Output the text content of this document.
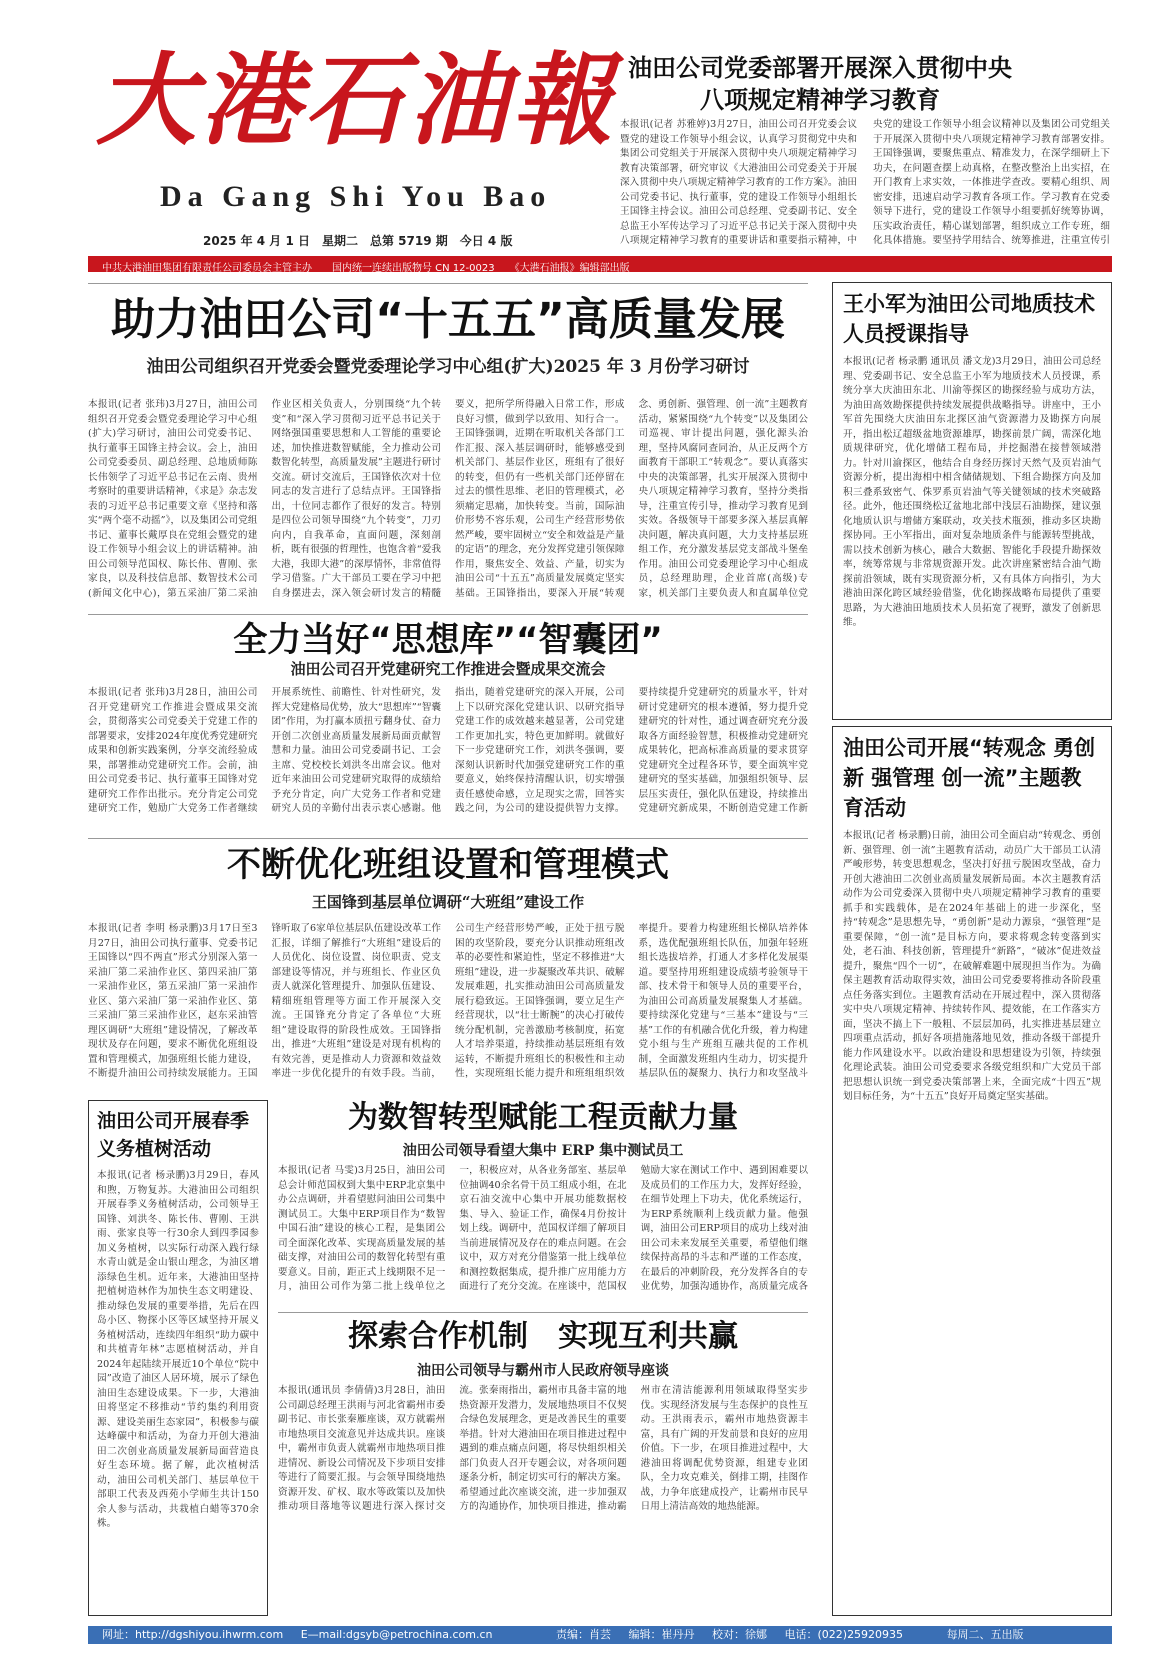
大港石油報
Da Gang Shi You Bao
2025 年 4 月 1 日　星期二　总第 5719 期　今日 4 版
中共大港油田集团有限责任公司委员会主管主办　　国内统一连续出版物号 CN 12-0023　　《大港石油报》编辑部出版
油田公司党委部署开展深入贯彻中央八项规定精神学习教育
本报讯(记者 苏雅婷)3月27日，油田公司召开党委会议暨党的建设工作领导小组会议，认真学习贯彻党中央和集团公司党组关于开展深入贯彻中央八项规定精神学习教育决策部署，研究审议《大港油田公司党委关于开展深入贯彻中央八项规定精神学习教育的工作方案》。油田公司党委书记、执行董事，党的建设工作领导小组组长王国锋主持会议。油田公司总经理、党委副书记、安全总监王小军传达学习了习近平总书记关于深入贯彻中央八项规定精神学习教育的重要讲话和重要指示精神，中央党的建设工作领导小组会议精神以及集团公司党组关于开展深入贯彻中央八项规定精神学习教育部署安排。王国锋强调，要聚焦重点、精准发力，在深学细研上下功夫，在问题查摆上动真格，在整改整治上出实招，在开门教育上求实效，一体推进学查改。要精心组织、周密安排，迅速启动学习教育各项工作。学习教育在党委领导下进行，党的建设工作领导小组要抓好统筹协调，压实政治责任，精心谋划部署，组织成立工作专班，细化具体措施。要坚持学用结合、统筹推进，注重宣传引
助力油田公司“十五五”高质量发展
油田公司组织召开党委会暨党委理论学习中心组(扩大)2025 年 3 月份学习研讨
本报讯(记者 张玮)3月27日，油田公司组织召开党委会暨党委理论学习中心组(扩大)学习研讨，油田公司党委书记、执行董事王国锋主持会议。会上，油田公司党委委员、副总经理、总地质师陈长伟领学了习近平总书记在云南、贵州考察时的重要讲话精神，《求是》杂志发表的习近平总书记重要文章《坚持和落实“两个毫不动摇”》，以及集团公司党组书记、董事长戴厚良在党组会暨党的建设工作领导小组会议上的讲话精神。油田公司领导范国权、陈长伟、曹刚、张家良，以及科技信息部、数智技术公司(新闻文化中心)，第五采油厂第二采油作业区相关负责人，分别围绕“九个转变”和“深入学习贯彻习近平总书记关于网络强国重要思想和人工智能的重要论述，加快推进数智赋能，全力推动公司数智化转型，高质量发展”主题进行研讨交流。研讨交流后，王国锋依次对十位同志的发言进行了总结点评。王国锋指出，十位同志都作了很好的发言。特别是四位公司领导围绕“九个转变”，刀刃向内，自我革命，直面问题，深刻剖析，既有很强的哲理性，也饱含着“爱我大港，我即大港”的深厚情怀，非常值得学习借鉴。广大干部员工要在学习中把自身摆进去，深入领会研讨发言的精髓要义，把所学所得融入日常工作，形成良好习惯，做到学以致用、知行合一。王国锋强调，近期在听取机关各部门工作汇报、深入基层调研时，能够感受到机关部门、基层作业区，班组有了很好的转变，但仍有一些机关部门还停留在过去的惯性思维、老旧的管理模式，必须痛定思痛，加快转变。当前，国际油价形势不容乐观，公司生产经营形势依然严峻，要牢固树立“安全和效益是产量的定语”的理念，充分发挥党建引领保障作用，聚焦安全、效益、产量，切实为油田公司“十五五”高质量发展奠定坚实基础。王国锋指出，要深入开展“转观念、勇创新、强管理、创一流”主题教育活动，紧紧围绕“九个转变”以及集团公司巡视、审计提出问题，强化源头治理，坚持风腐同查同治，从正反两个方面教育干部职工“转观念”。要认真落实中央的决策部署，扎实开展深入贯彻中央八项规定精神学习教育，坚持分类指导，注重宣传引导，推动学习教育见到实效。各级领导干部要多深入基层真解决问题，解决真问题，大力支持基层班组工作，充分激发基层党支部战斗堡垒作用。油田公司党委理论学习中心组成员，总经理助理，企业首席(高级)专家，机关部门主要负责人和直属单位党
全力当好“思想库”“智囊团”
油田公司召开党建研究工作推进会暨成果交流会
本报讯(记者 张玮)3月28日，油田公司召开党建研究工作推进会暨成果交流会，贯彻落实公司党委关于党建工作的部署要求，安排2024年度优秀党建研究成果和创新实践案例，分享交流经验成果，部署推动党建研究工作。会前，油田公司党委书记、执行董事王国锋对党建研究工作作出批示。充分肯定公司党建研究工作，勉励广大党务工作者继续开展系统性、前瞻性、针对性研究，发挥大党建格局优势，放大“思想库”“智囊团”作用，为打赢本质扭亏翻身仗、奋力开创二次创业高质量发展新局面贡献智慧和力量。油田公司党委副书记、工会主席、党校校长刘洪冬出席会议。他对近年来油田公司党建研究取得的成绩给予充分肯定，向广大党务工作者和党建研究人员的辛勤付出表示衷心感谢。他指出，随着党建研究的深入开展，公司上下以研究深化党建认识、以研究指导党建工作的成效越来越显著，公司党建工作更加扎实，特色更加鲜明。就做好下一步党建研究工作，刘洪冬强调，要深刻认识新时代加强党建研究工作的重要意义，始终保持清醒认识，切实增强责任感使命感，立足现实之需，回答实践之问，为公司的建设提供智力支撑。要持续提升党建研究的质量水平，针对研讨党建研究的根本遵循，努力提升党建研究的针对性，通过调查研究充分汲取各方面经验智慧，积极推动党建研究成果转化，把高标准高质量的要求贯穿党建研究全过程各环节，要全面筑牢党建研究的坚实基础，加强组织领导、层层压实责任，强化队伍建设，持续推出党建研究新成果，不断创造党建工作新
不断优化班组设置和管理模式
王国锋到基层单位调研“大班组”建设工作
本报讯(记者 李明 杨录鹏)3月17日至3月27日，油田公司执行董事、党委书记王国锋以“四不两直”形式分别深入第一采油厂第二采油作业区、第四采油厂第一采油作业区，第五采油厂第一采油作业区、第六采油厂第一采油作业区、第三采油厂第三采油作业区，赵东采油管理区调研“大班组”建设情况，了解改革现状及存在问题，要求不断优化班组设置和管理模式，加强班组长能力建设，不断提升油田公司持续发展能力。王国锋听取了6家单位基层队伍建设改革工作汇报，详细了解推行“大班组”建设后的人员优化、岗位设置、岗位职责、党支部建设等情况，并与班组长、作业区负责人就深化管理提升、加强队伍建设、精细班组管理等方面工作开展深入交流。王国锋充分肯定了各单位“大班组”建设取得的阶段性成效。王国锋指出，推进“大班组”建设是对现有机构的有效完善，更是推动人力资源和效益效率进一步优化提升的有效手段。当前，公司生产经营形势严峻，正处于扭亏脱困的攻坚阶段，要充分认识推动班组改革的必要性和紧迫性，坚定不移推进“大班组”建设，进一步凝聚改革共识、破解发展难题，扎实推动油田公司高质量发展行稳致远。王国锋强调，要立足生产经营现状，以“壮士断腕”的决心打破传统分配机制，完善激励考核制度，拓宽人才培养渠道，持续推动基层班组有效运转，不断提升班组长的积极性和主动性，实现班组长能力提升和班组组织效率提升。要着力构建班组长梯队培养体系，选优配强班组长队伍，加强年轻班组长选拔培养，打通人才多样化发展渠道。要坚持用班组建设成绩考验领导干部、技术骨干和领导人员的重要平台，为油田公司高质量发展聚集人才基础。要持续深化党建与“三基本”建设与“三基”工作的有机融合优化升级，着力构建党小组与生产班组互融共促的工作机制，全面激发班组内生动力，切实提升基层队伍的凝聚力、执行力和攻坚战斗
为数智转型赋能工程贡献力量
油田公司领导看望大集中 ERP 集中测试员工
本报讯(记者 马雯)3月25日，油田公司总会计师范国权到大集中ERP北京集中办公点调研，并看望慰问油田公司集中测试员工。大集中ERP项目作为“数智中国石油”建设的核心工程，是集团公司全面深化改革、实现高质量发展的基础支撑，对油田公司的数智化转型有重要意义。目前，距正式上线期限不足一月，油田公司作为第二批上线单位之一，积极应对，从各业务部室、基层单位抽调40余名骨干员工组成小组，在北京石油交流中心集中开展功能数据校集、导入、验证工作，确保4月份按计划上线。调研中，范国权详细了解项目当前进展情况及存在的难点问题。在会议中，双方对充分借鉴第一批上线单位和测控数据集成，提升推广应用能力方面进行了充分交流。在座谈中，范国权勉励大家在测试工作中、遇到困难要以及成员们的工作压力大，发挥好经验，在细节处理上下功夫，优化系统运行，为ERP系统顺利上线贡献力量。他强调，油田公司ERP项目的成功上线对油田公司未来发展至关重要，希望他们继续保持高昂的斗志和严谨的工作态度，在最后的冲刺阶段，充分发挥各自的专业优势，加强沟通协作，高质量完成各
探索合作机制　实现互利共赢
油田公司领导与霸州市人民政府领导座谈
本报讯(通讯员 李倩倩)3月28日，油田公司副总经理王洪雨与河北省霸州市委副书记、市长张秦雁座谈，双方就霸州市地热项目交流意见并达成共识。座谈中，霸州市负责人就霸州市地热项目推进情况、新设公司情况及下步项目安排等进行了简要汇报。与会领导围绕地热资源开发、矿权、取水等政策以及加快推动项目落地等议题进行深入探讨交流。张秦雨指出，霸州市具备丰富的地热资源开发潜力，发展地热项目不仅契合绿色发展理念，更是改善民生的重要举措。针对大港油田在项目推进过程中遇到的难点痛点问题，将尽快组织相关部门负责人召开专题会议，对各项问题逐条分析，制定切实可行的解决方案。希望通过此次座谈交流，进一步加强双方的沟通协作，加快项目推进，推动霸州市在清洁能源利用领域取得坚实步伐。实现经济发展与生态保护的良性互动。王洪雨表示，霸州市地热资源丰富，具有广阔的开发前景和良好的应用价值。下一步，在项目推进过程中，大港油田将调配优势资源，组建专业团队，全力攻克难关，倒排工期，挂图作战，力争年底建成投产，让霸州市民早日用上清洁高效的地热能源。
王小军为油田公司地质技术人员授课指导
本报讯(记者 杨录鹏 通讯员 潘文龙)3月29日，油田公司总经理、党委副书记、安全总监王小军为地质技术人员授课，系统分享大庆油田东北、川渝等探区的勘探经验与成功方法，为油田高效勘探提供持续发展提供战略指导。讲座中，王小军首先围绕大庆油田东北探区油气资源潜力及勘探方向展开，指出松辽超级盆地资源雄厚，勘探前景广阔，需深化地质规律研究，优化增储工程布局，并挖掘潜在接替领域潜力。针对川渝探区，他结合自身经历探讨天然气及页岩油气资源分析，提出海相中相含储储规划、下组合勘探方向及加积三叠系致密气、侏罗系页岩油气等关键领域的技术突破路径。此外，他还围绕松辽盆地北部中浅层石油勘探，建议强化地质认识与增储方案联动，攻关技术瓶颈，推动多区块勘探协同。王小军指出，面对复杂地质条件与能源转型挑战，需以技术创新为核心，融合大数据、智能化手段提升勘探效率，统筹常规与非常规资源开发。此次讲座紧密结合油气勘探前沿领域，既有实现资源分析，又有具体方向指引，为大港油田深化跨区域经验借鉴，优化勘探战略布局提供了重要思路，为大港油田地质技术人员拓宽了视野，激发了创新思维。
油田公司开展“转观念 勇创新 强管理 创一流”主题教育活动
本报讯(记者 杨录鹏)日前，油田公司全面启动“转观念、勇创新、强管理、创一流”主题教育活动，动员广大干部员工认清严峻形势，转变思想观念，坚决打好扭亏脱困攻坚战，奋力开创大港油田二次创业高质量发展新局面。本次主题教育活动作为公司党委深入贯彻中央八项规定精神学习教育的重要抓手和实践载体，是在2024年基础上的进一步深化，坚持“转观念”是思想先导，“勇创新”是动力源泉，“强管理”是重要保障，“创一流”是目标方向，要求将观念转变落到实处，老石油、科技创新，管理提升“新路”，“破冰”促进效益提升，聚焦“四个一切”，在破解难题中展现担当作为。为确保主题教育活动取得实效，油田公司党委要将推动各阶段重点任务落实到位。主题教育活动在开展过程中，深入贯彻落实中央八项规定精神、持续转作风、提效能，在工作落实方面，坚决不搞上下一般粗、不层层加码，扎实推进基层建立四项重点活动，抓好各项措施落地见效，推动各级干部提升能力作风建设水平。以政治建设和思想建设为引领，持续强化理论武装。油田公司党委要求各级党组织和广大党员干部把思想认识统一到党委决策部署上来，全面完成“十四五”规划目标任务，为“十五五”良好开局奠定坚实基础。
油田公司开展春季义务植树活动
本报讯(记者 杨录鹏)3月29日，春风和煦，万物复苏。大港油田公司组织开展春季义务植树活动，公司领导王国锋、刘洪冬、陈长伟、曹刚、王洪雨、张家良等一行30余人到四季园参加义务植树，以实际行动深入践行绿水青山就是金山银山理念，为油区增添绿色生机。近年来，大港油田坚持把植树造林作为加快生态文明建设、推动绿色发展的重要举措，先后在四岛小区、物探小区等区域坚持开展义务植树活动，连续四年组织“助力碳中和共植青年林”志愿植树活动，并自2024年起陆续开展近10个单位“院中园”改造了油区人居环境，展示了绿色油田生态建设成果。下一步，大港油田将坚定不移推动“节约集约利用资源、建设美丽生态家园”，积极参与碳达峰碳中和活动，为奋力开创大港油田二次创业高质量发展新局面营造良好生态环境。据了解，此次植树活动，油田公司机关部门、基层单位干部职工代表及西苑小学师生共计150余人参与活动，共栽植白蜡等370余株。
网址：http://dgshiyou.ihwrm.com E—mail:dgsyb@petrochina.com.cn	责编：肖芸 编辑：崔丹丹 校对：徐娜 电话：(022)25920935	每周二、五出版
